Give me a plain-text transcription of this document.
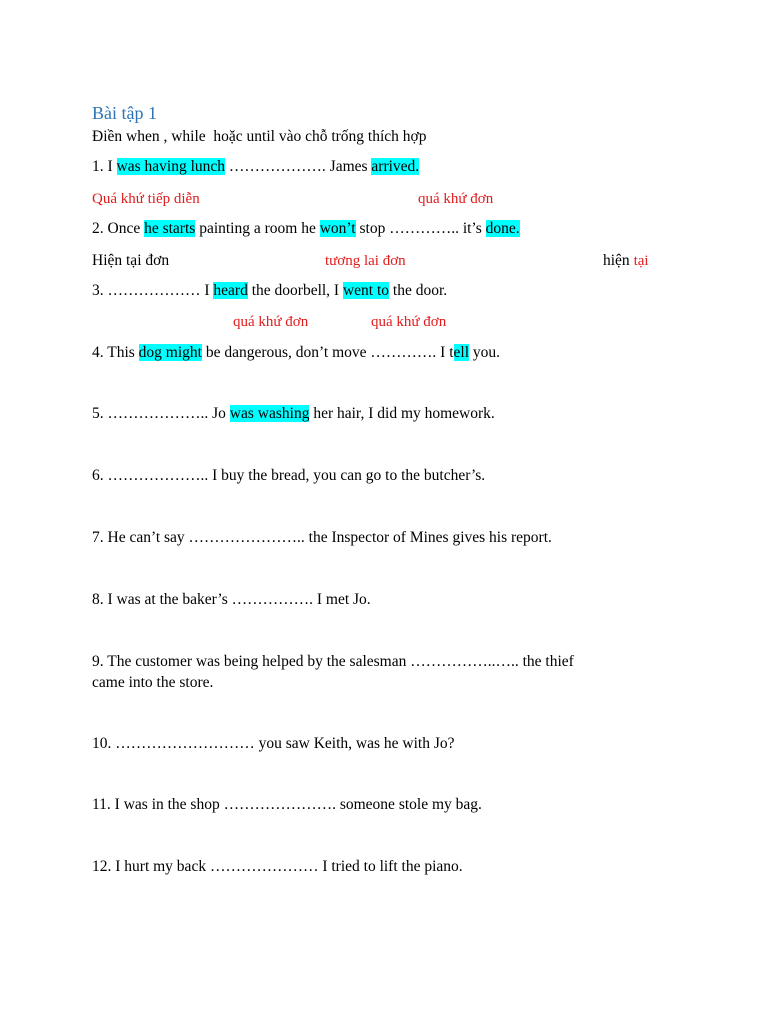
Bài tập 1
Điền when , while  hoặc until vào chỗ trống thích hợp
1. I was having lunch ………………. James arrived.
Quá khứ tiếp diễn	quá khứ đơn
2. Once he starts painting a room he won’t stop ………….. it’s done.
Hiện tại đơn	tương lai đơn	hiện tại
3. ……………… I heard the doorbell, I went to the door.
quá khứ đơn	quá khứ đơn
4. This dog might be dangerous, don’t move …………. I tell you.
5. ……………….. Jo was washing her hair, I did my homework.
6. ……………….. I buy the bread, you can go to the butcher’s.
7. He can’t say ………………….. the Inspector of Mines gives his report.
8. I was at the baker’s ……………. I met Jo.
9. The customer was being helped by the salesman ……………..….. the thief
came into the store.
10. ……………………… you saw Keith, was he with Jo?
11. I was in the shop …………………. someone stole my bag.
12. I hurt my back ………………… I tried to lift the piano.
